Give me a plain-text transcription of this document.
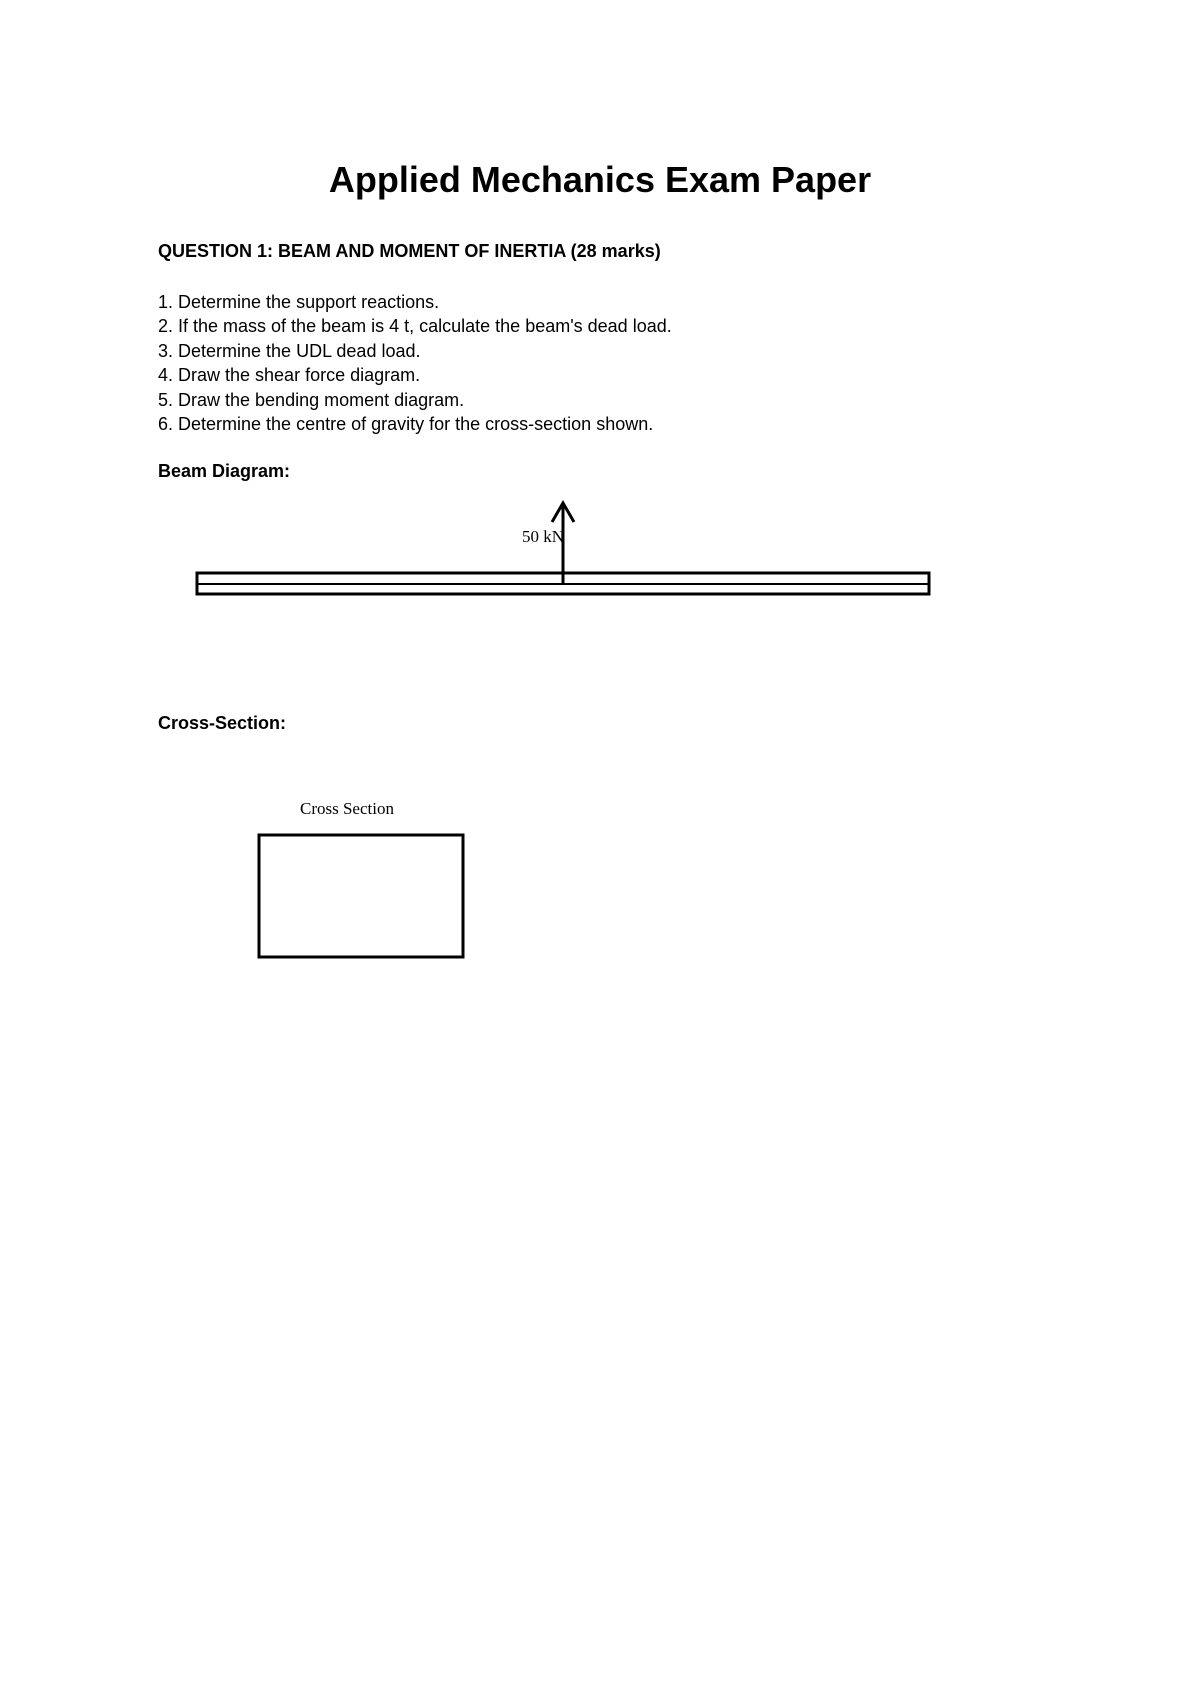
Applied Mechanics Exam Paper
QUESTION 1: BEAM AND MOMENT OF INERTIA (28 marks)
1. Determine the support reactions.
2. If the mass of the beam is 4 t, calculate the beam's dead load.
3. Determine the UDL dead load.
4. Draw the shear force diagram.
5. Draw the bending moment diagram.
6. Determine the centre of gravity for the cross-section shown.
Beam Diagram:
Cross-Section:
50 kN
Cross Section
